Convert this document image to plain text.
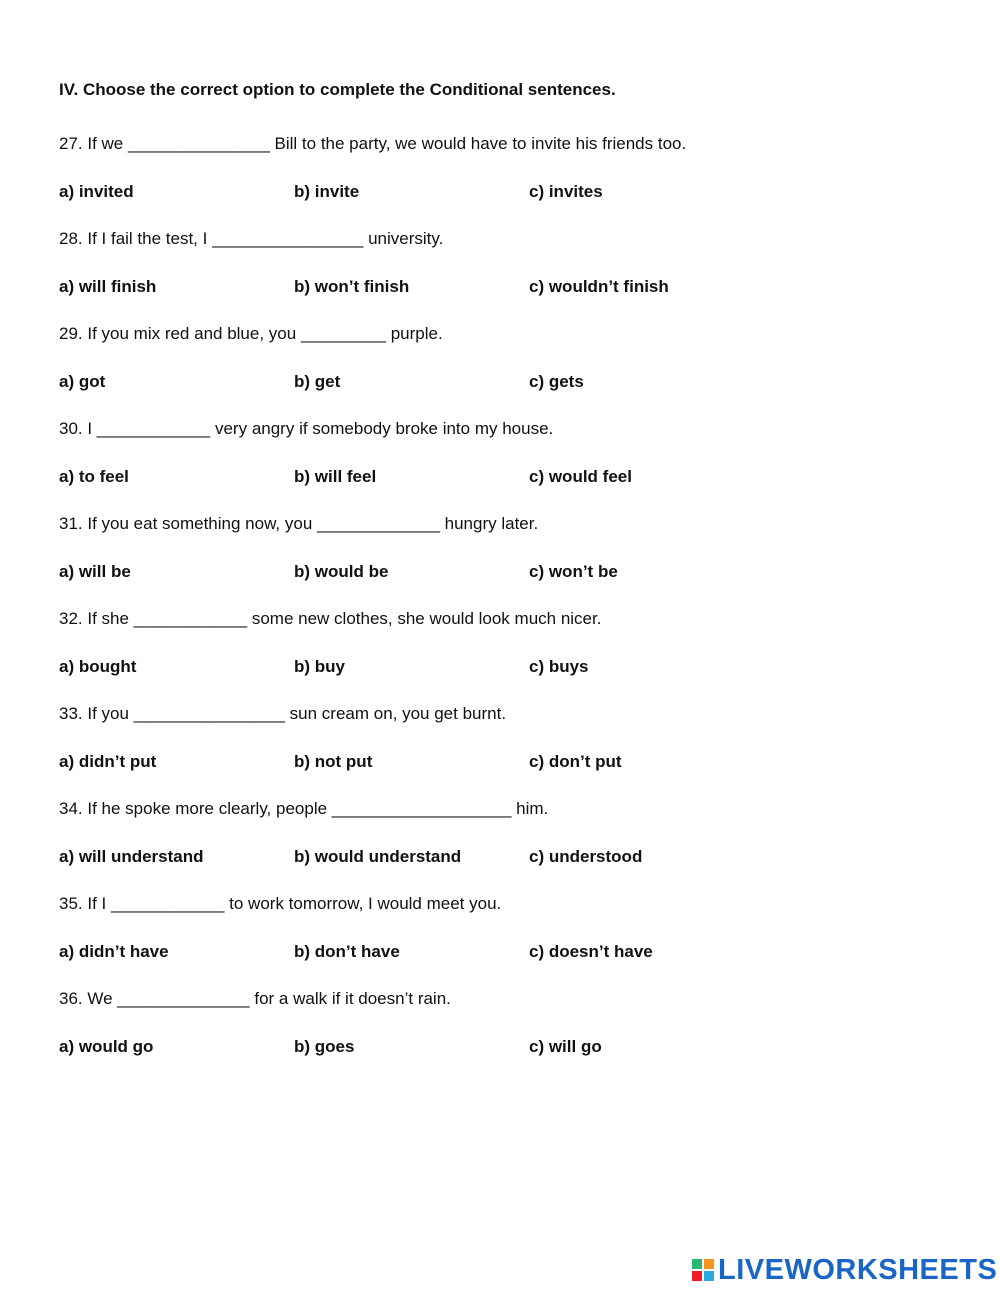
IV. Choose the correct option to complete the Conditional sentences.

27. If we _______________ Bill to the party, we would have to invite his friends too.

a) invited	b) invite	c) invites

28. If I fail the test, I ________________ university.

a) will finish	b) won’t finish	c) wouldn’t finish

29. If you mix red and blue, you _________ purple.

a) got	b) get	c) gets

30. I ____________ very angry if somebody broke into my house.

a) to feel	b) will feel	c) would feel

31. If you eat something now, you _____________ hungry later.

a) will be	b) would be	c) won’t be

32. If she ____________ some new clothes, she would look much nicer.

a) bought	b) buy	c) buys

33. If you ________________ sun cream on, you get burnt.

a) didn’t put	b) not put	c) don’t put

34. If he spoke more clearly, people ___________________ him.

a) will understand	b) would understand	c) understood

35. If I ____________ to work tomorrow, I would meet you.

a) didn’t have	b) don’t have	c) doesn’t have

36. We ______________ for a walk if it doesn’t rain.

a) would go	b) goes	c) will go
LIVEWORKSHEETS
